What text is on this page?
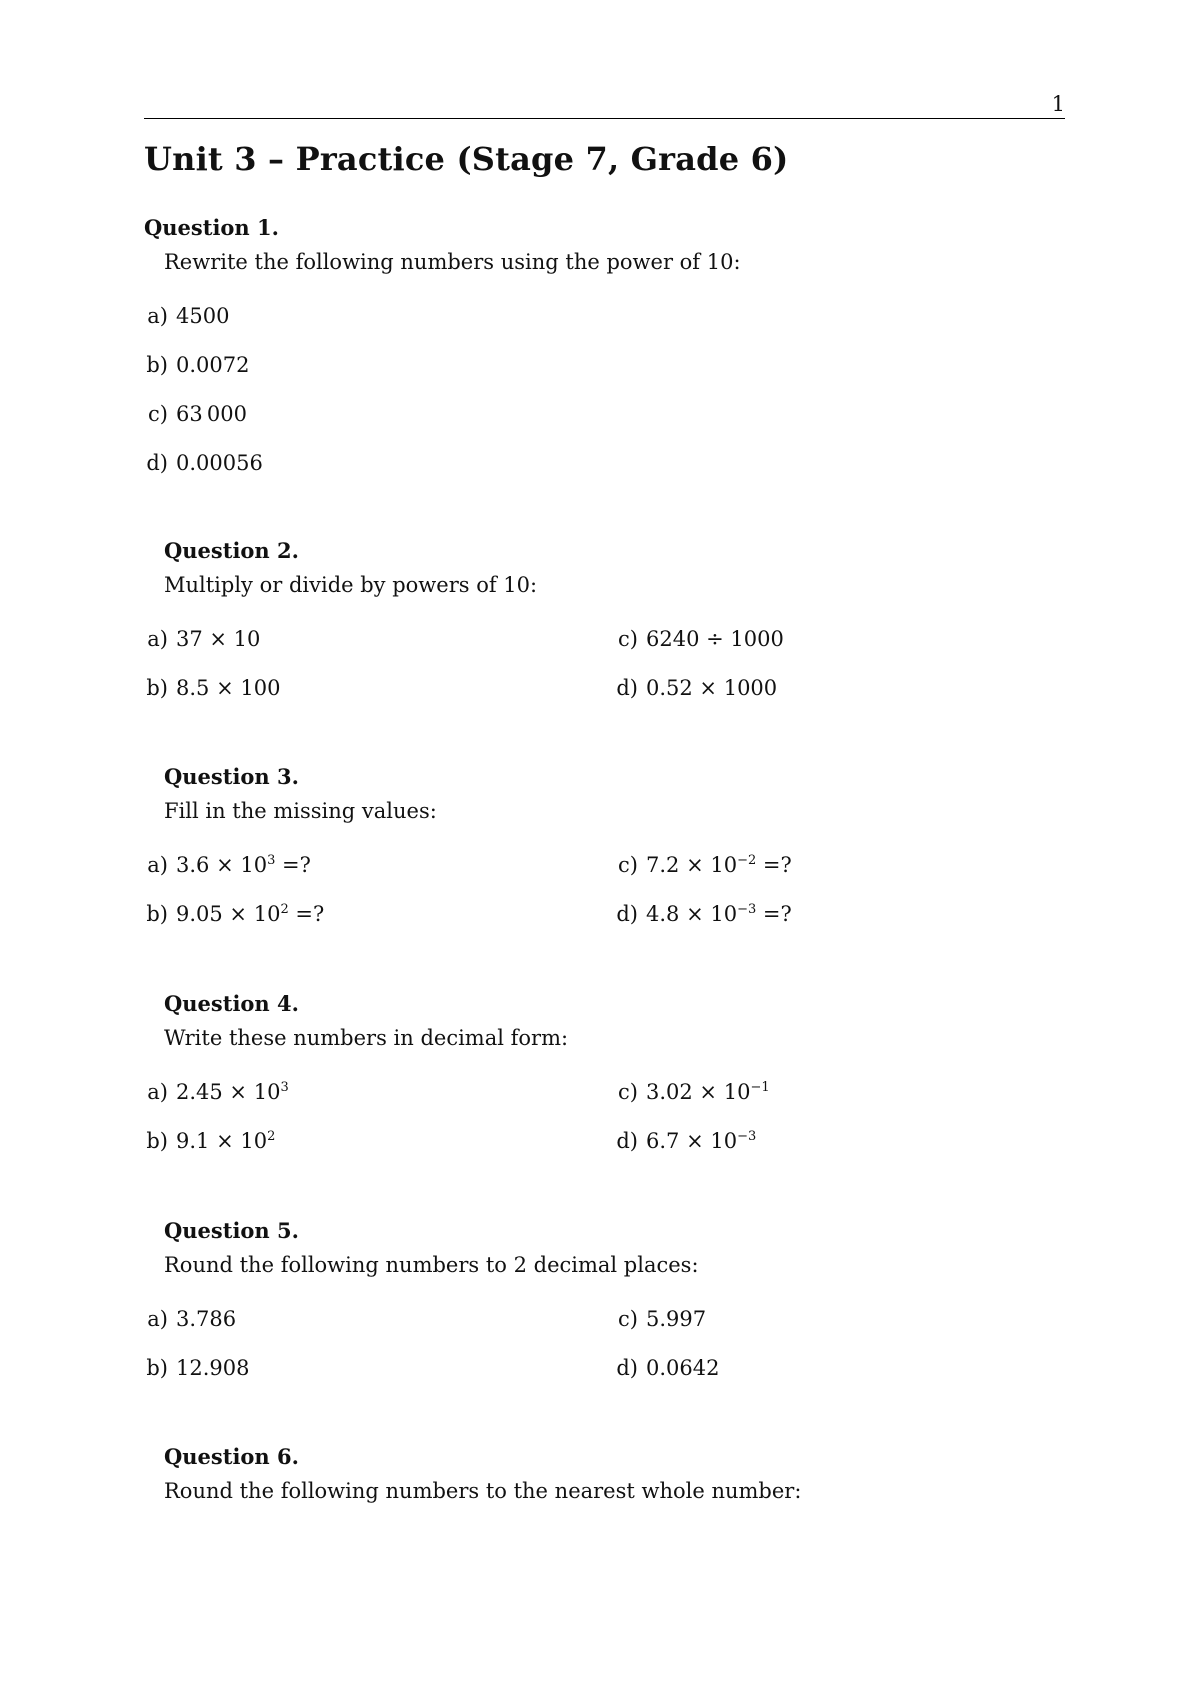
1
Unit 3 – Practice (Stage 7, Grade 6)
Question 1.
Rewrite the following numbers using the power of 10:
a) 4500
b) 0.0072
c) 63 000
d) 0.00056
Question 2.
Multiply or divide by powers of 10:
a) 37 × 10
b) 8.5 × 100
c) 6240 ÷ 1000
d) 0.52 × 1000
Question 3.
Fill in the missing values:
a) $3.6 \times 10^3$ =?
b) $9.05 \times 10^2$ =?
c) $7.2 \times 10^{-2}$ =?
d) $4.8 \times 10^{-3}$ =?
Question 4.
Write these numbers in decimal form:
a) $2.45 \times 10^3$
b) $9.1 \times 10^2$
c) $3.02 \times 10^{-1}$
d) $6.7 \times 10^{-3}$
Question 5.
Round the following numbers to 2 decimal places:
a) 3.786
b) 12.908
c) 5.997
d) 0.0642
Question 6.
Round the following numbers to the nearest whole number:
